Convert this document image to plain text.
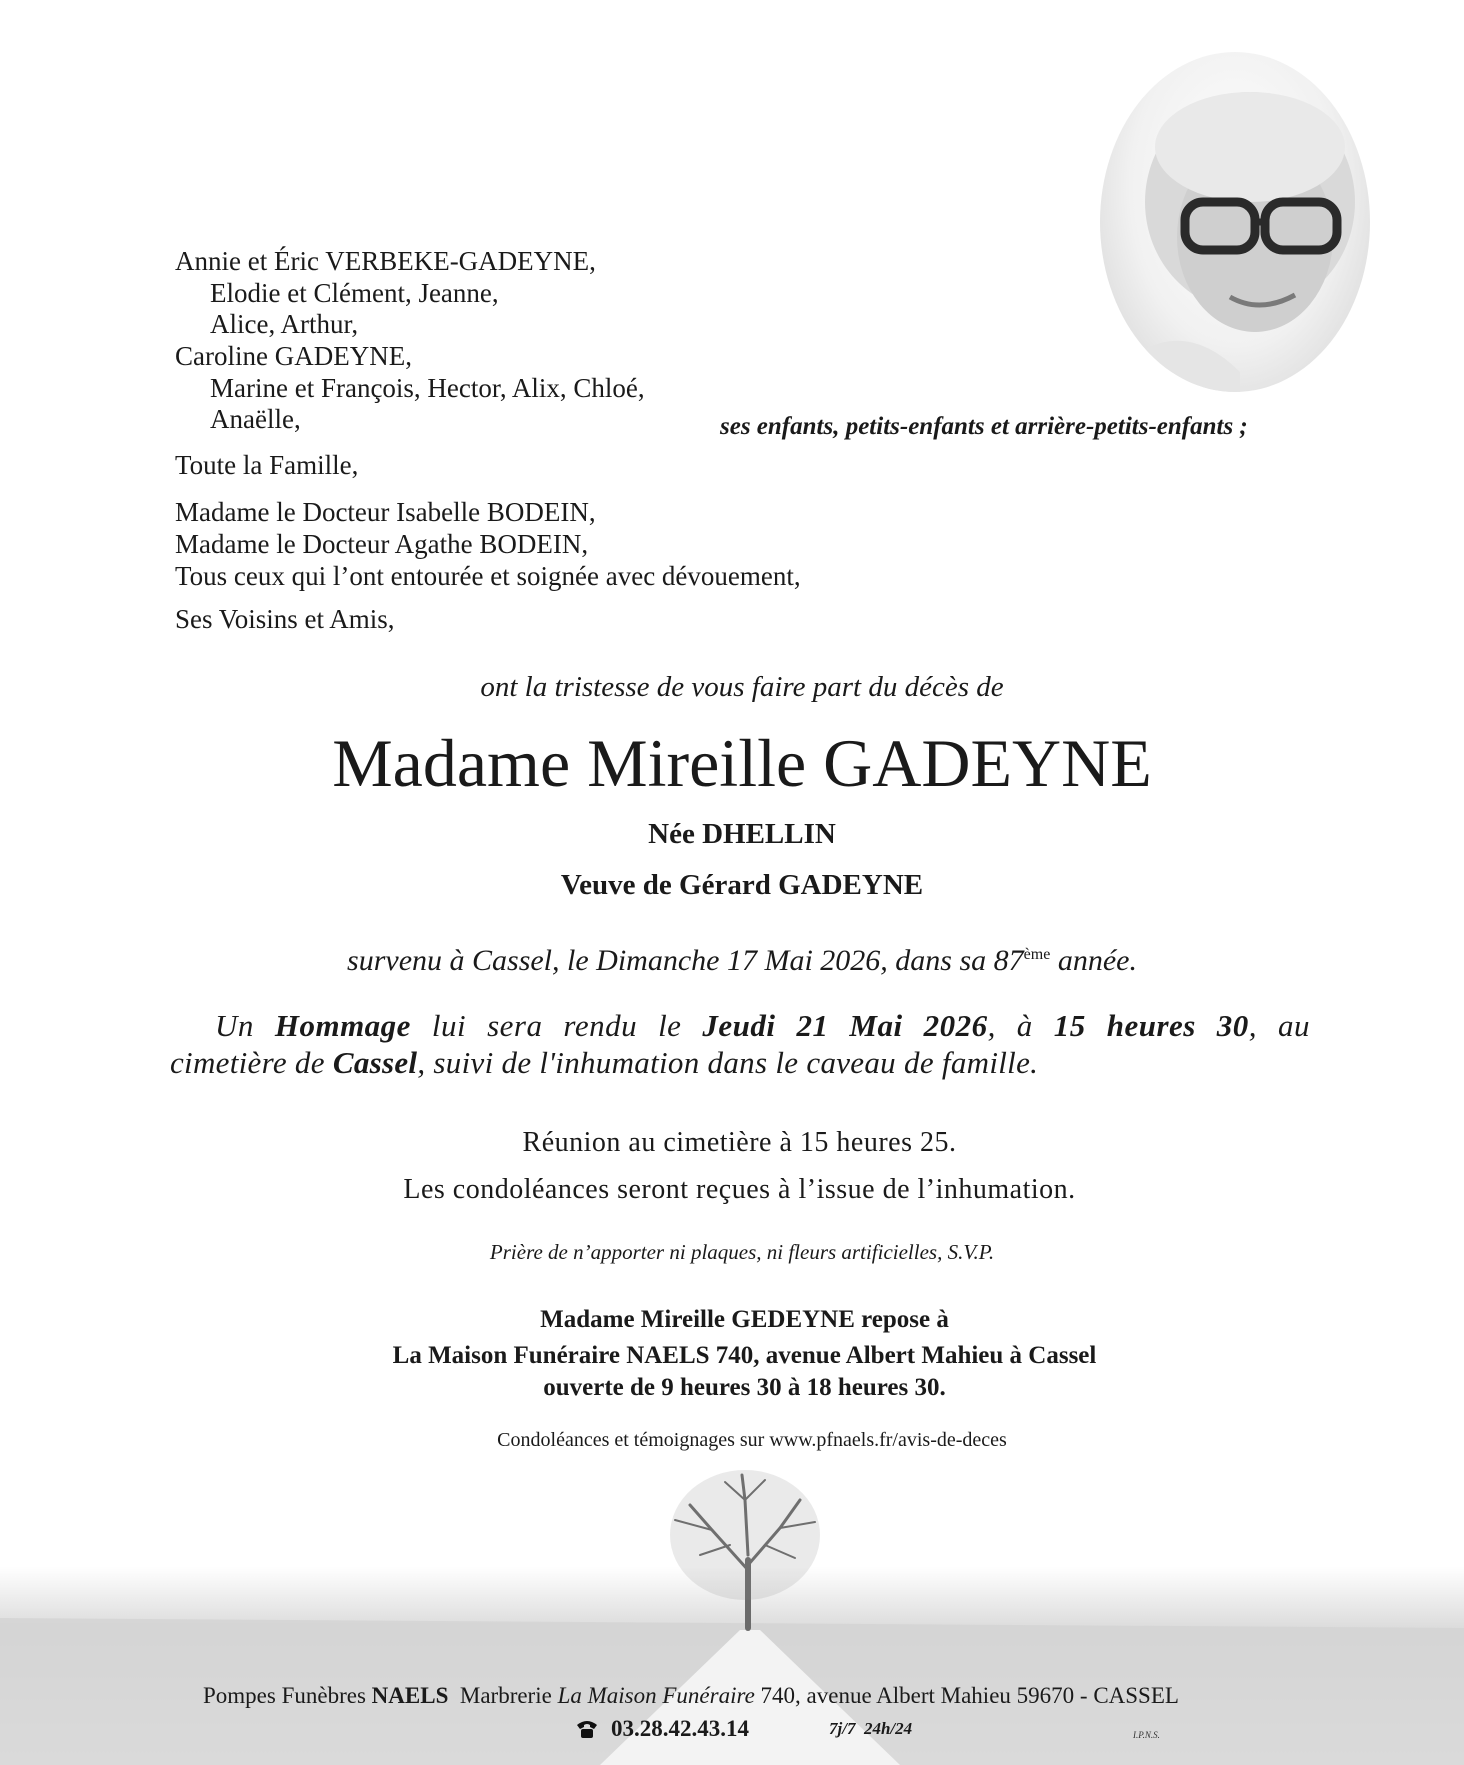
Annie et Éric VERBEKE-GADEYNE,
Elodie et Clément, Jeanne,
Alice, Arthur,
Caroline GADEYNE,
Marine et François, Hector, Alix, Chloé,
Anaëlle,	ses enfants, petits-enfants et arrière-petits-enfants ;
Toute la Famille,
Madame le Docteur Isabelle BODEIN,
Madame le Docteur Agathe BODEIN,
Tous ceux qui l’ont entourée et soignée avec dévouement,
Ses Voisins et Amis,
ont la tristesse de vous faire part du décès de
Madame Mireille GADEYNE
Née DHELLIN
Veuve de Gérard GADEYNE
survenu à Cassel, le Dimanche 17 Mai 2026, dans sa 87ème année.
Un Hommage lui sera rendu le Jeudi 21 Mai 2026, à 15 heures 30, au
cimetière de Cassel, suivi de l'inhumation dans le caveau de famille.
Réunion au cimetière à 15 heures 25.
Les condoléances seront reçues à l’issue de l’inhumation.
Prière de n’apporter ni plaques, ni fleurs artificielles, S.V.P.
Madame Mireille GEDEYNE repose à
La Maison Funéraire NAELS 740, avenue Albert Mahieu à Cassel
ouverte de 9 heures 30 à 18 heures 30.
Condoléances et témoignages sur www.pfnaels.fr/avis-de-deces
Pompes Funèbres NAELS Marbrerie La Maison Funéraire 740, avenue Albert Mahieu 59670 - CASSEL
03.28.42.43.14	7j/7  24h/24	I.P.N.S.
